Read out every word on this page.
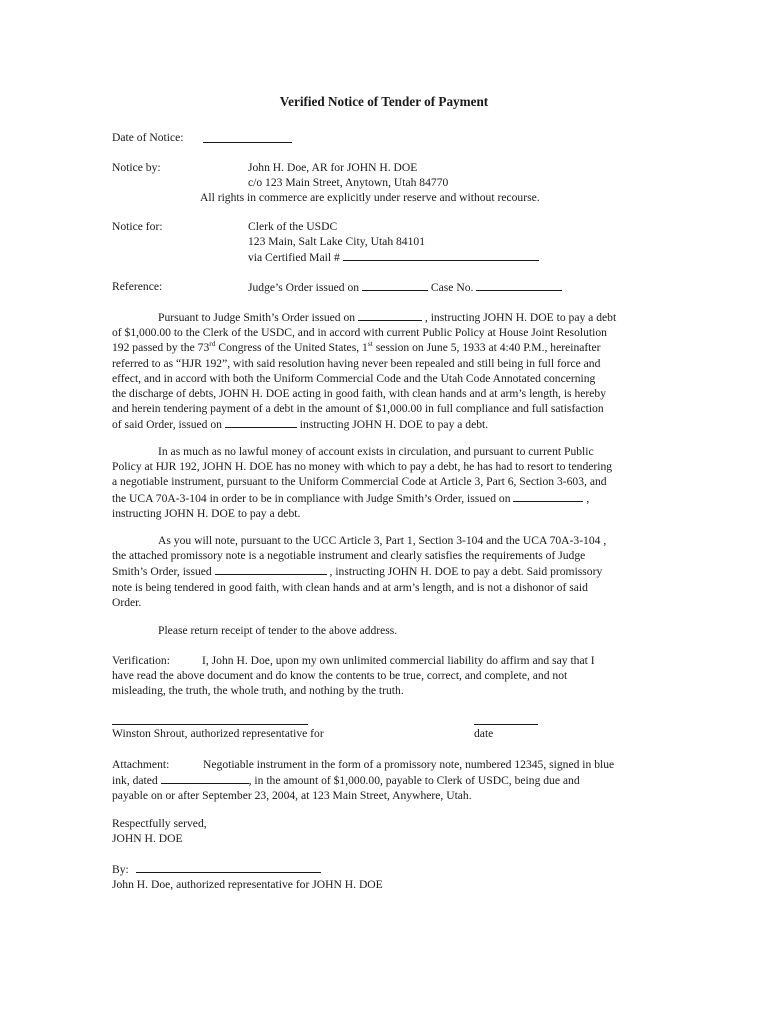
Verified Notice of Tender of Payment
Date of Notice:
Notice by:	John H. Doe, AR for JOHN H. DOE
c/o 123 Main Street, Anytown, Utah 84770
All rights in commerce are explicitly under reserve and without recourse.
Notice for:	Clerk of the USDC
123 Main, Salt Lake City, Utah 84101
via Certified Mail #
Reference:	Judge’s Order issued on	Case No.
Pursuant to Judge Smith’s Order issued on	, instructing JOHN H. DOE to pay a debt
of $1,000.00 to the Clerk of the USDC, and in accord with current Public Policy at House Joint Resolution
192 passed by the 73rd Congress of the United States, 1st session on June 5, 1933 at 4:40 P.M., hereinafter
referred to as “HJR 192”, with said resolution having never been repealed and still being in full force and
effect, and in accord with both the Uniform Commercial Code and the Utah Code Annotated concerning
the discharge of debts, JOHN H. DOE acting in good faith, with clean hands and at arm’s length, is hereby
and herein tendering payment of a debt in the amount of $1,000.00 in full compliance and full satisfaction
of said Order, issued on	instructing JOHN H. DOE to pay a debt.
In as much as no lawful money of account exists in circulation, and pursuant to current Public
Policy at HJR 192, JOHN H. DOE has no money with which to pay a debt, he has had to resort to tendering
a negotiable instrument, pursuant to the Uniform Commercial Code at Article 3, Part 6, Section 3-603, and
the UCA 70A-3-104 in order to be in compliance with Judge Smith’s Order, issued on	,
instructing JOHN H. DOE to pay a debt.
As you will note, pursuant to the UCC Article 3, Part 1, Section 3-104 and the UCA 70A-3-104 ,
the attached promissory note is a negotiable instrument and clearly satisfies the requirements of Judge
Smith’s Order, issued	, instructing JOHN H. DOE to pay a debt. Said promissory
note is being tendered in good faith, with clean hands and at arm’s length, and is not a dishonor of said
Order.
Please return receipt of tender to the above address.
Verification:	I, John H. Doe, upon my own unlimited commercial liability do affirm and say that I
have read the above document and do know the contents to be true, correct, and complete, and not
misleading, the truth, the whole truth, and nothing by the truth.
Winston Shrout, authorized representative for	date
Attachment:	Negotiable instrument in the form of a promissory note, numbered 12345, signed in blue
ink, dated	, in the amount of $1,000.00, payable to Clerk of USDC, being due and
payable on or after September 23, 2004, at 123 Main Street, Anywhere, Utah.
Respectfully served,
JOHN H. DOE
By:
John H. Doe, authorized representative for JOHN H. DOE
